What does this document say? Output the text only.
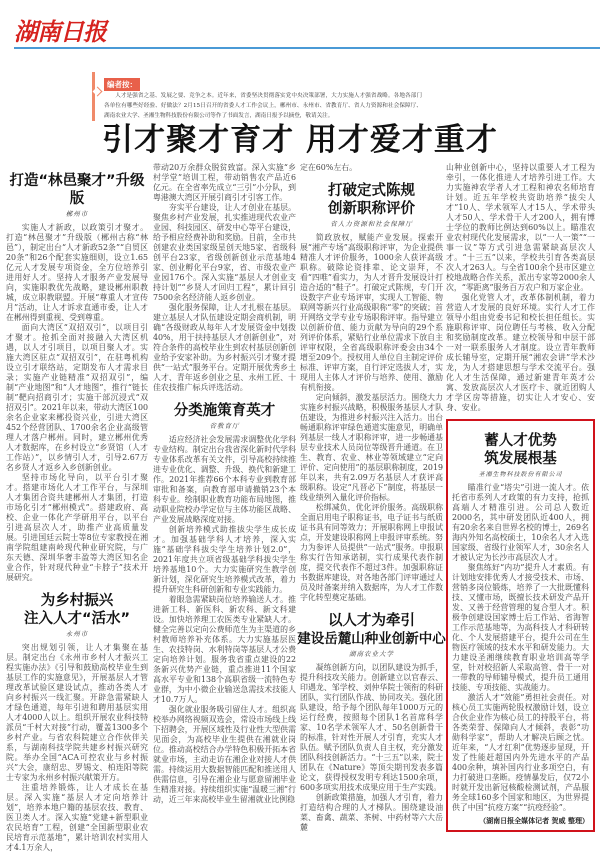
湖南日报
编者按：
人才是强省之基、发展之要、竞争之本。近年来，省委坚决贯彻落实党中央决策部署，大力实施人才强省战略。各地各部门各单位有哪些好经验、好做法？2月15日召开的省委人才工作会议上，郴州市、永州市、省教育厅、省人力资源和社会保障厅、湖南农业大学、圣湘生物科技股份有限公司等作了书面发言，湖南日报予以摘登，敬请关注。
引才聚才育才 用才爱才重才
打造“林邑聚才”升级版
郴州市

实施人才新政，以政策引才聚才。打造“林邑聚才”升级版（郴州古称“林邑”），制定出台“人才新政52条”“自贸区20条”和26个配套实施细则，设立1.65亿元人才发展专项资金，全方位培养引进用好人才。坚持人才服务产业发展导向，实施职教优先战略，建设郴州职教城，成立职教联盟。开展“尊重人才宣传月”活动，让人才诉求直通市委，让人才在郴州得到重视、受到尊重。

面向大湾区“双招双引”，以项目引才聚才。抢抓全面对接融入大湾区机遇，以人才引项目，以项目聚人才。实施大湾区驻点“双招双引”，在驻粤机构设立引才联络站，定期发布人才需求目录；实施产业链精准“双招双引”，编制“产业地图”和“人才地图”，推行“链长制”靶向招商引才；实施干部沉浸式“双招双引”。2021年以来，带动大湾区100余名企业家来郴投资兴业，引进大湾区452个经营团队、1700余名企业高级管理人才落户郴州。同时，建立郴州优秀人才数据库，在乡村设立“乡贤馆（人才工作站）”，以乡情引人才，引导2.67万名乡贤人才返乡入乡创新创业。

坚持市场化导向，以平台引才聚才。搭建市场化人才工作平台，与深圳人才集团合资共建郴州人才集团，打造市场化引才“郴州模式”。搭建政府、高校、企业一体化产学研用平台，以平台引进高层次人才，助推产业高质量发展。引进国廷云院士等8位专家教授在湘南学院组建南岭现代种业研究院，与广东天德、深圳华奢丰盈等大湾区知名企业合作，针对现代种业“卡脖子”技术开展研究。

为乡村振兴
注入人才“活水”
永州市

突出规划引领，让人才集聚在基层。制定出台《永州市乡村人才振兴工程实施办法》《引导和鼓励高校毕业生到基层工作的实施意见》，开展基层人才管理改革试验区建设试点，推动各类人才向乡村振兴一线汇聚。开辟急需紧缺人才绿色通道，每年引进和聘用基层实用人才4000人以上。组织开展农业科技特派员“千村大对接”行动，覆盖1300多个乡村产业。与省农科院建立合作伙伴关系，与湖南科技学院共建乡村振兴研究院。举办全国“ACA可控农业与乡村振兴”大会，康绍忠、罗锡文、柏连阳等院士专家为永州乡村振兴献策开方。

注重培养锻炼，让人才成长在基层。深入实施“基层人才定向培养计划”，培养本地户籍的基层农技、教育、医卫类人才。深入实施“党建+新型职业农民培育”工程，创建“全国新型职业农民培育示范基地”，累计培训农村实用人才4.1万余人，

带动20万余群众脱贫致富。深入实施“乡村学堂”培训工程，带动销售农产品近6亿元。在全省率先成立“三引”小分队，到粤港澳大湾区开展引商引才引客工作。

夯实平台建设，让人才创业在基层。聚焦乡村产业发展，扎实推进现代农业产业园、科技园区、研发中心等平台建设，给予相应经费补助和奖励。目前，全市共创建农业类国家级星创天地5家、省级科创平台23家，省级创新创业示范基地4家、创业孵化平台9家，省、市级农业产业园176个。深入实施“基层人才创业支持计划”“乡贤人才回归工程”，累计回引7500余名经济能人返乡创业。

强化服务保障，让人才扎根在基层。建立基层人才队伍建设定期会商机制，明确“各级财政从每年人才发展资金中划拨40%，用于扶持基层人才创新创业”，对符合条件的高校毕业生到农村基层创新创业给予安家补助。为乡村振兴引才聚才提供“一站式”服务平台。定期开展优秀乡土人才、青年返乡创业之星、永州工匠、十佳农技推广标兵评选活动。

分类施策育英才
省教育厅

适应经济社会发展需求调整优化学科专业结构。制定出台我省深化新时代学科专业体系改革有关文件，引导高校持续推进专业优化、调整、升级、换代和新建工作。2021年推荐66个本科专业到教育部审批和备案，向教育部申请撤销23个本科专业。绘制职业教育功能布局地图，推动职业院校办学定位与主体功能区战略、产业发展战略深度对接。

创新培养模式助推拔尖学生成长成才。加强基础学科人才培养，深入实施“基础学科拔尖学生培养计划2.0”，2021年度共立项省级基础学科拔尖学生培养基地10个。大力实施研究生教学创新计划，深化研究生培养模式改革，着力提升研究生科研创新和专业实践能力。

着眼急需紧缺岗位培养输送人才。推进新工科、新医科、新农科、新文科建设。加快培养理工农医类专业紧缺人才。健全完善以定向公费师范生为主渠道的乡村教师培养补充体系。大力实施基层医生、农技特岗、水利特岗等基层人才公费定向培养计划。服务我省重点建设的22条新兴优势产业链，重点推进11个国家高水平专业和138个高职省级一流特色专业群，为中小微企业输送急需技术技能人才10.7万人。

强化就业服务吸引留住人才。组织高校举办网络视频双选会，常设市场线上线下招聘会，开展区域性及行业性大型供需见面会，为高校毕业生提供在湘就业岗位。推动高校结合办学特色积极开拓本省就业市场，主动走访在湘企业对接人才供需。持续运用大数据智能匹配和推送用人供需信息，引导在湘企业与愿意留湘毕业生精准对接。持续组织实施“温暖三湘”行动，近三年来高校毕业生留湘就业比例稳

定在60%左右。

打破定式陈规
创新职称评价
省人力资源和社会保障厅

简政放权，赋能产业发展。探索开展“湘产专场”高级职称评审，为企业提供精准人才评价服务，1000余人获评高级职称。破除论资排辈、论文崇拜，不看“四唯”看实力，为人才晋升发展设计打造合适的“鞋子”。打破定式陈规，专门开设数字产业专场评审，实现人工智能、物联网等新兴行业高级职称“零”的突破；首开网络文学专业专场职称评审。指导建立以创新价值、能力贡献为导向的29个系列评价体系，紧贴行业单位需求下放自主评审权限，全省高级职称评委会由34个增至209个。授权用人单位自主制定评价标准、评审方案，自行评定选拔人才，实现用人主体人才评价与培养、使用、激励有机衔接。

定向倾斜，激发基层活力。围绕大力实施乡村振兴战略，积极服务基层人才队伍建设，为推进乡村振兴注入活力。出台畅通职称评审绿色通道实施意见，明确单列基层一线人才职称评审，进一步畅通基层专业技术人员岗位等级晋升通道。在卫生、教育、农业、林业等领域建立“定向评价、定向使用”的基层职称制度，2019年以来，共有2.09万名基层人才获评高级职称。设定“凡晋必下”制度，将基层一线业绩列入量化评价指标。

松绑减负，优化评价服务。高级职称全面启用电子职称证书，电子证书与纸质证书具有同等效力；开展职称网上申报试点，开发建设职称网上申报评审系统。努力为参评人员提供“一站式”服务。申报职称实行告知承诺制，实行成果代表作制度，提交代表作不超过3件。加强职称证书数据库建设，对各地各部门评审通过人员及时备案并纳入数据库，为人才工作数字化转型奠定基础。

以人才为牵引
建设岳麓山种业创新中心
湖南农业大学

凝练创新方向，以团队建设为抓手，提升科技攻关能力。创新建立以官春云、印遇龙、邹学校、刘仲华院士领衔的科研团队，实行团队作战、协同攻关。强化团队建设，给予每个团队每年1000万元的运行经费，按照每个团队1名首席科学家、10名学术领军人才、50名创新骨干的标准，针对性开展人才引育，充实人才队伍。赋予团队负责人自主权，充分激发团队科技创新活力。“十三五”以来，院士团队在《Nature》等顶尖期刊发表多篇论文，获得授权发明专利达1500余项，600多项实用技术成果应用于生产实践。

创新政策措施，加强人才引育，着力打造结构合理的人才梯队。围绕建设油菜、畜禽、蔬菜、茶树、中药材等六大岳麓

山种业创新中心，坚持以重要人才工程为牵引，一体化推进人才培养引进工作。大力实施神农学者人才工程和神农名师培育计划。近五年学校共资助培养“拔尖人才”10人、学术领军人才15人、学术带头人才50人、学术骨干人才200人，拥有博士学位的教师比例达到60%以上。瞄准农业农村现代化发展需求，以“一人一策”“一事一议”等方式引进急需紧缺高层次人才。“十三五”以来，学校共引育各类高层次人才263人。与全省100余个县市区建立校地战略合作关系，派出专家等2000余人次，“零距离”服务百万农户和万家企业。

强化党管人才，改革体制机制，着力营造人才发展的良好环境。实行人才工作领导小组由党委书记和校长担任组长。实施职称评审、岗位聘任与考核、收入分配和奖励制度改革。建立校领导和中层干部一对一联系服务人才制度。设立青年教师成长辅导室，定期开展“湘农会讲”学术沙龙，为人才搭建思想与学术交流平台。强化人才生活保障，通过新建青年英才公寓、发放高层次人才医疗卡、就近团购人才学区房等措施，切实让人才安心、安身、安业。

蓄人才优势
筑发展根基
圣湘生物科技股份有限公司

瞄准行业“塔尖”引进一流人才。依托省市系列人才政策的有力支持，抢抓高端人才精准引进。公司总人数近2000名，其中研发团队近400人，拥有20余名来自世界名校的博士，269名海内外知名高校硕士，10余名人才入选国家级、省级行业领军人才，30余名人才被认定为长沙市高层次人才。

聚焦练好“内功”提升人才素质。有计划地安排优秀人才接受技术、市场、营销多岗位锻炼，培养了一大批既懂科技、又懂市场，既擅长技术研发产品开发、又善于经营管理的复合型人才。积极争创建设国家博士后工作站、省海智工作示范基地等，为高科技人才科研转化、个人发展搭建平台，提升公司在生物医疗领域的技术水平和研发能力。大力建设圣湘继续教育职业培训高等学堂，针对校招新人采取高管、骨干一对一带教的导师辅导模式，提升员工通用技能、专项技能、实战能力。

激活人才“效能”勇担社会责任。对核心员工实施两轮股权激励计划，设立合伙企业作为核心员工的持股平台，将各类荣誉、保障向人才倾斜，表彰“功勋科学家”，帮助人才解决后顾之忧。近年来，“人才红利”优势逐步显现，开发了性能赶超国内外先进水平的产品400余种，填补国内行业多项空白，有力打破进口垄断。疫情暴发后，仅72小时就开发出新冠核酸检测试剂，产品服务全球160多个国家和地区，为世界提供了中国“抗疫方案”“抗疫经验”。

（湖南日报全媒体记者 贺威 整理）
